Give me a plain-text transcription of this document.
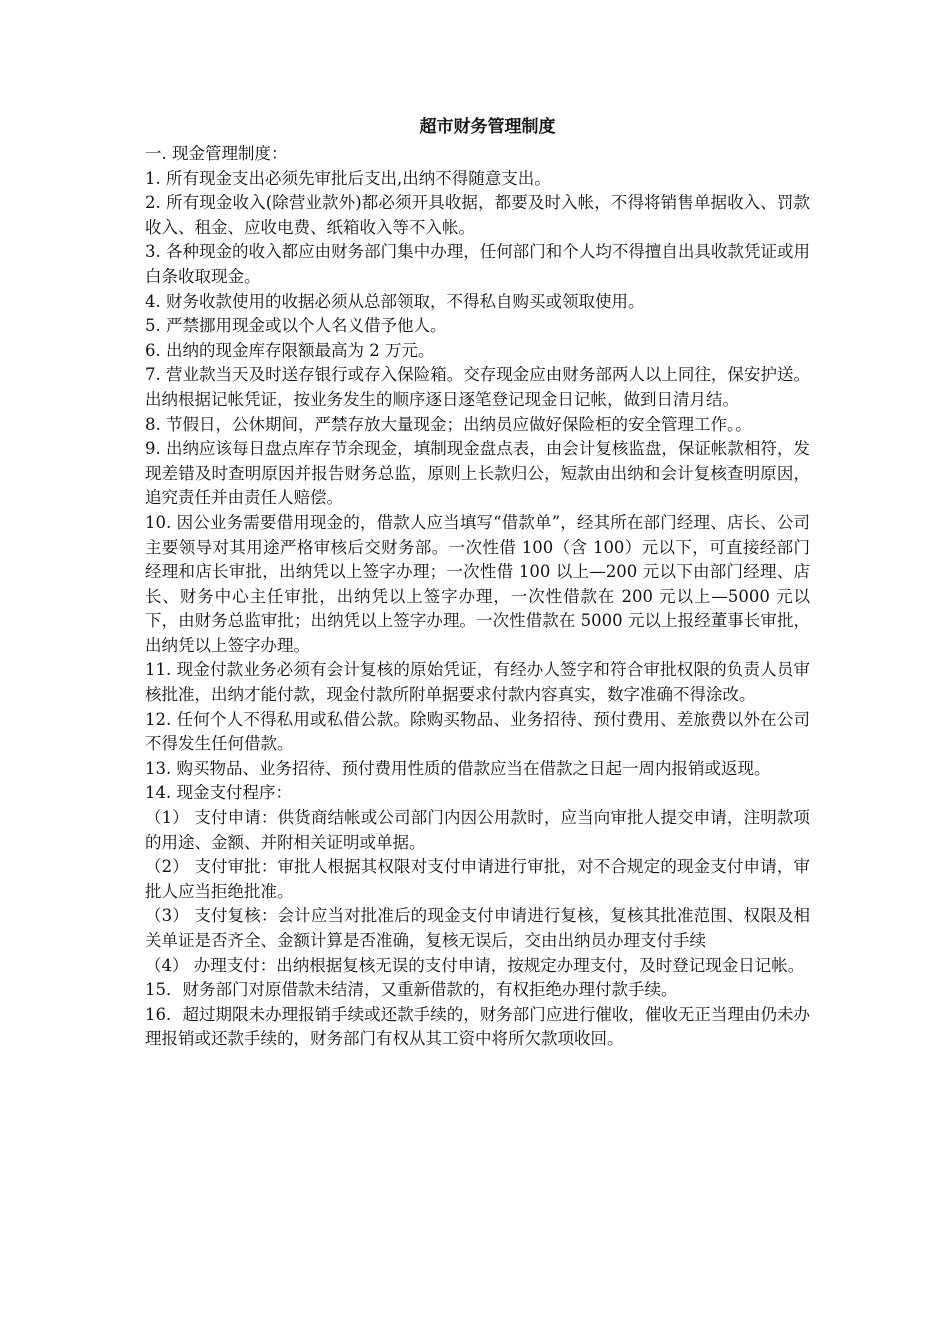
超市财务管理制度

一. 现金管理制度：

1. 所有现金支出必须先审批后支出,出纳不得随意支出。

2. 所有现金收入(除营业款外)都必须开具收据，都要及时入帐，不得将销售单据收入、罚款收入、租金、应收电费、纸箱收入等不入帐。

3. 各种现金的收入都应由财务部门集中办理，任何部门和个人均不得擅自出具收款凭证或用白条收取现金。

4. 财务收款使用的收据必须从总部领取，不得私自购买或领取使用。

5. 严禁挪用现金或以个人名义借予他人。

6. 出纳的现金库存限额最高为 2 万元。

7. 营业款当天及时送存银行或存入保险箱。交存现金应由财务部两人以上同往，保安护送。出纳根据记帐凭证，按业务发生的顺序逐日逐笔登记现金日记帐，做到日清月结。

8. 节假日，公休期间，严禁存放大量现金；出纳员应做好保险柜的安全管理工作。。

9. 出纳应该每日盘点库存节余现金，填制现金盘点表，由会计复核监盘，保证帐款相符，发现差错及时查明原因并报告财务总监，原则上长款归公，短款由出纳和会计复核查明原因，追究责任并由责任人赔偿。

10. 因公业务需要借用现金的，借款人应当填写“借款单”，经其所在部门经理、店长、公司主要领导对其用途严格审核后交财务部。一次性借 100（含 100）元以下，可直接经部门经理和店长审批，出纳凭以上签字办理；一次性借 100 以上—200 元以下由部门经理、店长、财务中心主任审批，出纳凭以上签字办理，一次性借款在 200 元以上—5000 元以下，由财务总监审批；出纳凭以上签字办理。一次性借款在 5000 元以上报经董事长审批，出纳凭以上签字办理。

11. 现金付款业务必须有会计复核的原始凭证，有经办人签字和符合审批权限的负责人员审核批准，出纳才能付款，现金付款所附单据要求付款内容真实，数字准确不得涂改。

12. 任何个人不得私用或私借公款。除购买物品、业务招待、预付费用、差旅费以外在公司不得发生任何借款。

13. 购买物品、业务招待、预付费用性质的借款应当在借款之日起一周内报销或返现。

14. 现金支付程序：

（1） 支付申请：供货商结帐或公司部门内因公用款时，应当向审批人提交申请，注明款项的用途、金额、并附相关证明或单据。

（2） 支付审批：审批人根据其权限对支付申请进行审批，对不合规定的现金支付申请，审批人应当拒绝批准。

（3） 支付复核：会计应当对批准后的现金支付申请进行复核，复核其批准范围、权限及相关单证是否齐全、金额计算是否准确，复核无误后，交由出纳员办理支付手续

（4） 办理支付：出纳根据复核无误的支付申请，按规定办理支付，及时登记现金日记帐。

15．财务部门对原借款未结清，又重新借款的，有权拒绝办理付款手续。

16．超过期限未办理报销手续或还款手续的，财务部门应进行催收，催收无正当理由仍未办理报销或还款手续的，财务部门有权从其工资中将所欠款项收回。
